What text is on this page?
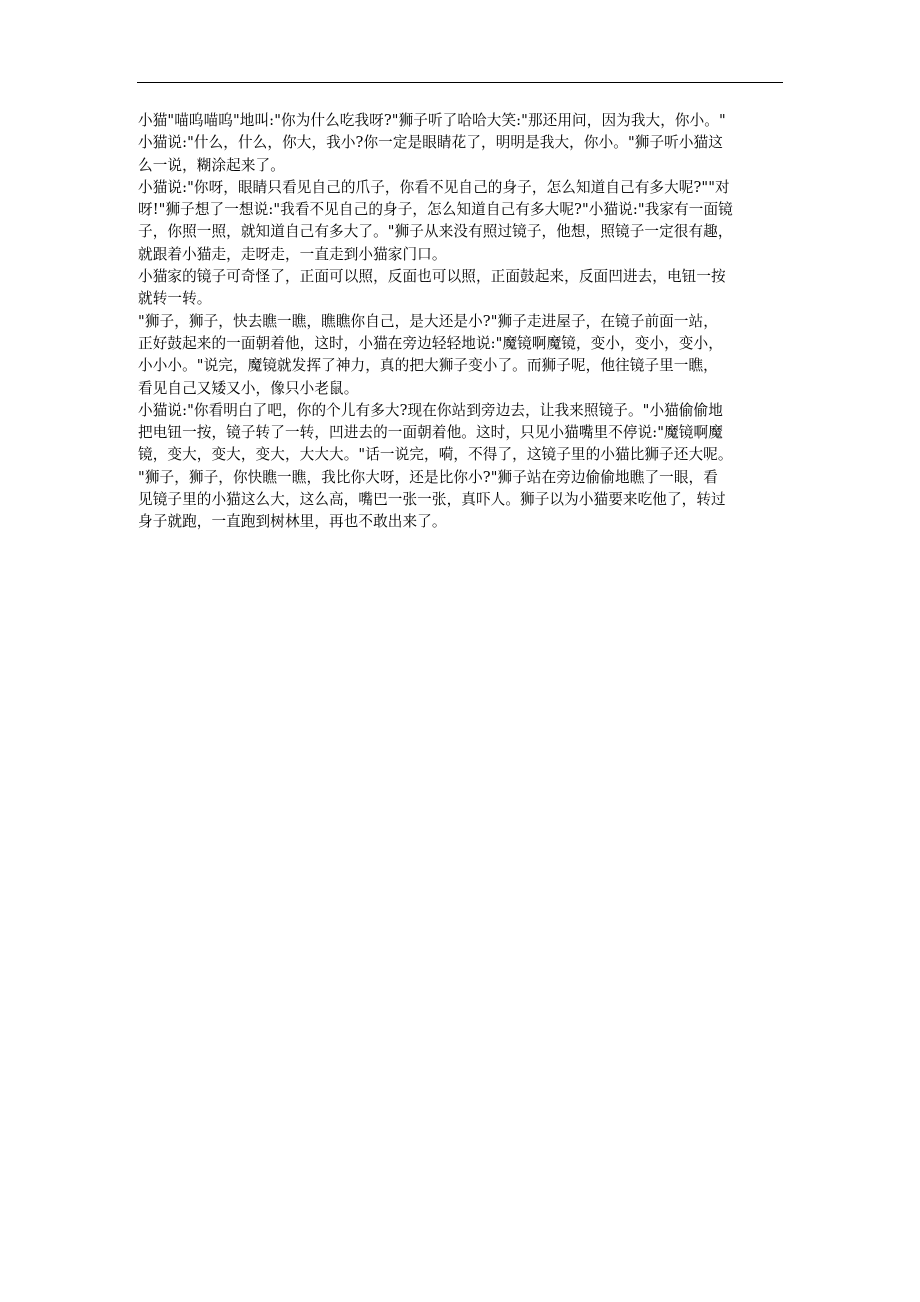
小猫"喵呜喵呜"地叫:"你为什么吃我呀?"狮子听了哈哈大笑:"那还用问，因为我大，你小。"
小猫说:"什么，什么，你大，我小?你一定是眼睛花了，明明是我大，你小。"狮子听小猫这
么一说，糊涂起来了。

小猫说:"你呀，眼睛只看见自己的爪子，你看不见自己的身子，怎么知道自己有多大呢?""对
呀!"狮子想了一想说:"我看不见自己的身子，怎么知道自己有多大呢?"小猫说:"我家有一面镜
子，你照一照，就知道自己有多大了。"狮子从来没有照过镜子，他想，照镜子一定很有趣，
就跟着小猫走，走呀走，一直走到小猫家门口。

小猫家的镜子可奇怪了，正面可以照，反面也可以照，正面鼓起来，反面凹进去，电钮一按
就转一转。

"狮子，狮子，快去瞧一瞧，瞧瞧你自己，是大还是小?"狮子走进屋子，在镜子前面一站，
正好鼓起来的一面朝着他，这时，小猫在旁边轻轻地说:"魔镜啊魔镜，变小，变小，变小，
小小小。"说完，魔镜就发挥了神力，真的把大狮子变小了。而狮子呢，他往镜子里一瞧，
看见自己又矮又小，像只小老鼠。

小猫说:"你看明白了吧，你的个儿有多大?现在你站到旁边去，让我来照镜子。"小猫偷偷地
把电钮一按，镜子转了一转，凹进去的一面朝着他。这时，只见小猫嘴里不停说:"魔镜啊魔
镜，变大，变大，变大，大大大。"话一说完，嗬，不得了，这镜子里的小猫比狮子还大呢。

"狮子，狮子，你快瞧一瞧，我比你大呀，还是比你小?"狮子站在旁边偷偷地瞧了一眼，看
见镜子里的小猫这么大，这么高，嘴巴一张一张，真吓人。狮子以为小猫要来吃他了，转过
身子就跑，一直跑到树林里，再也不敢出来了。
